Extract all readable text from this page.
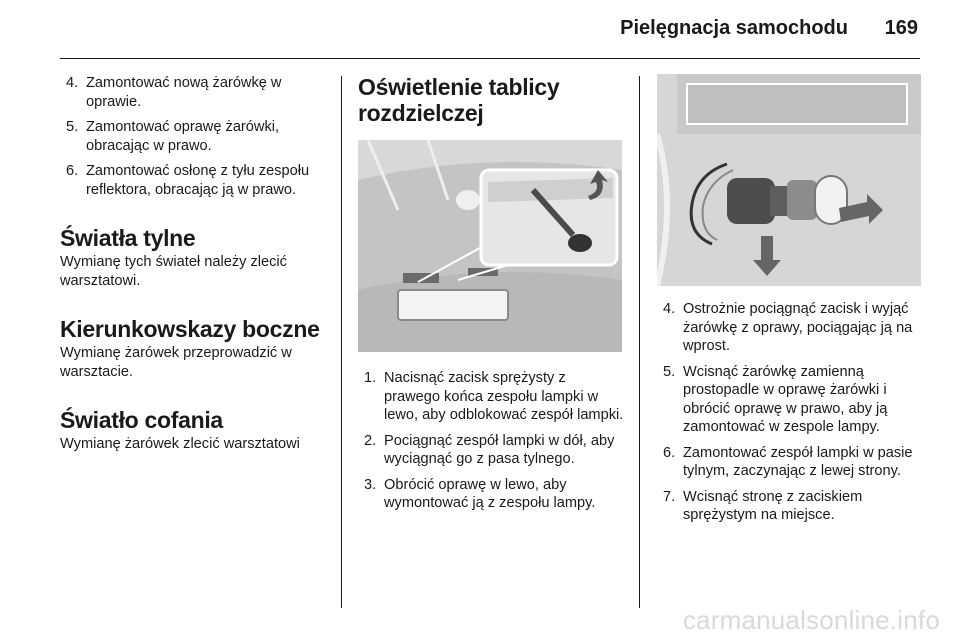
Pielęgnacja samochodu 169
4. Zamontować nową żarówkę w oprawie.
5. Zamontować oprawę żarówki, obracając w prawo.
6. Zamontować osłonę z tyłu zespołu reflektora, obracając ją w prawo.
Światła tylne

Wymianę tych świateł należy zlecić warsztatowi.

Kierunkowskazy boczne

Wymianę żarówek przeprowadzić w warsztacie.

Światło cofania

Wymianę żarówek zlecić warsztatowi

Oświetlenie tablicy rozdzielczej
1. Nacisnąć zacisk sprężysty z prawego końca zespołu lampki w lewo, aby odblokować zespół lampki.
2. Pociągnąć zespół lampki w dół, aby wyciągnąć go z pasa tylnego.
3. Obrócić oprawę w lewo, aby wymontować ją z zespołu lampy.
4. Ostrożnie pociągnąć zacisk i wyjąć żarówkę z oprawy, pociągając ją na wprost.
5. Wcisnąć żarówkę zamienną prostopadle w oprawę żarówki i obrócić oprawę w prawo, aby ją zamontować w zespole lampy.
6. Zamontować zespół lampki w pasie tylnym, zaczynając z lewej strony.
7. Wcisnąć stronę z zaciskiem sprężystym na miejsce.
carmanualsonline.info
